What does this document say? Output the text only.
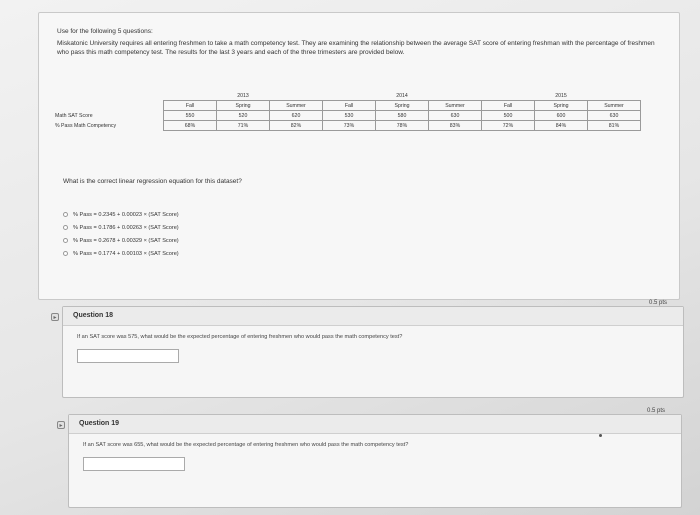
Use for the following 5 questions:

Miskatonic University requires all entering freshmen to take a math competency test. They are examining the relationship between the average SAT score of entering freshman with the percentage of freshmen who pass this math competency test. The results for the last 3 years and each of the three trimesters are provided below.

		2013			2014			2015	
	Fall	Spring	Summer	Fall	Spring	Summer	Fall	Spring	Summer
Math SAT Score	550	520	620	530	580	630	500	600	630
% Pass Math Competency	68%	71%	82%	73%	78%	83%	72%	84%	81%
What is the correct linear regression equation for this dataset?
% Pass = 0.2345 + 0.00023 × (SAT Score)
% Pass = 0.1786 + 0.00263 × (SAT Score)
% Pass = 0.2678 + 0.00329 × (SAT Score)
% Pass = 0.1774 + 0.00103 × (SAT Score)
▸	Question 18
0.5 pts
If an SAT score was 575, what would be the expected percentage of entering freshmen who would pass the math competency test?
▸	Question 19
0.5 pts
If an SAT score was 655, what would be the expected percentage of entering freshmen who would pass the math competency test?
